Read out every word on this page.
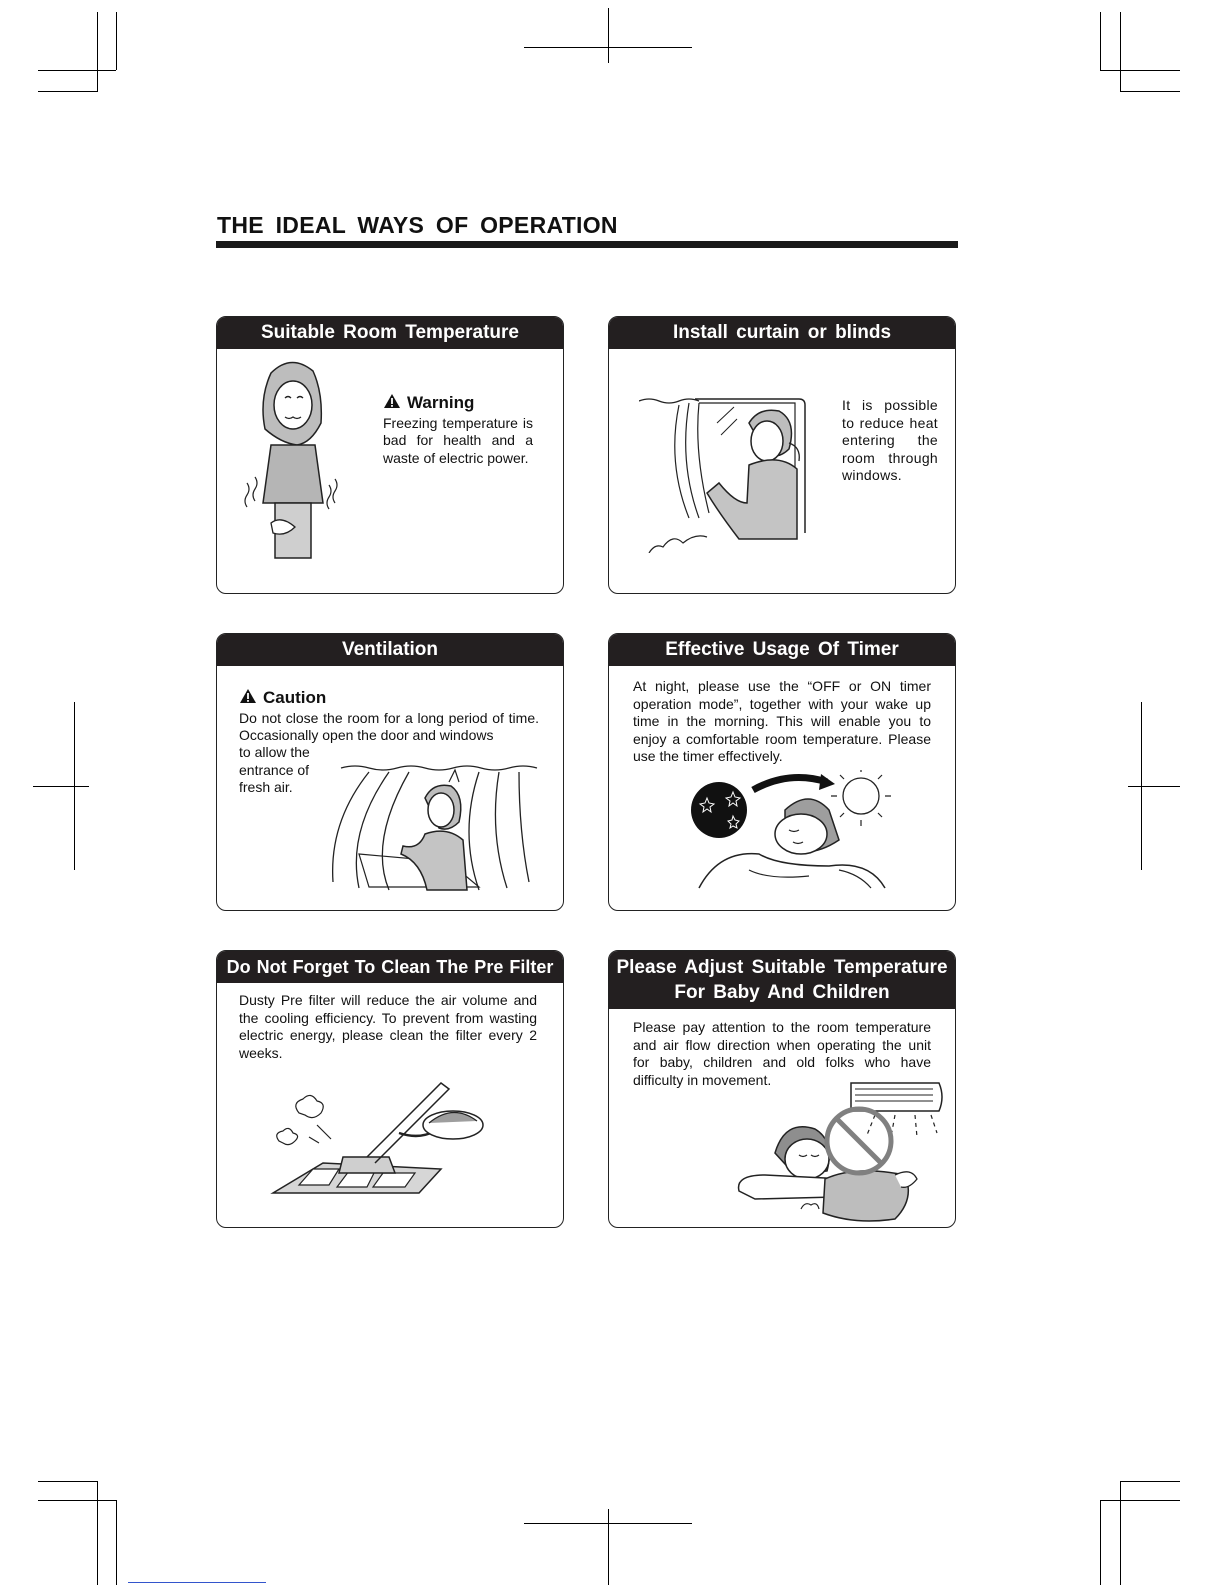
THE IDEAL WAYS OF OPERATION
Suitable Room Temperature
Warning
Freezing temperature is bad for health and a waste of electric power.
Install curtain or blinds
It is possible to reduce heat entering the room through windows.
Ventilation
Caution
Do not close the room for a long period of time. Occasionally open the door and windows
to allow the entrance of fresh air.
Effective Usage Of Timer
At night, please use the “OFF or ON timer operation mode”, together with your wake up time in the morning. This will enable you to enjoy a comfortable room temperature. Please use the timer effectively.
Do Not Forget To Clean The Pre Filter
Dusty Pre filter will reduce the air volume and the cooling efficiency. To prevent from wasting electric energy, please clean the filter every 2 weeks.
Please Adjust Suitable Temperature
For Baby And Children
Please pay attention to the room temperature and air flow direction when operating the unit for baby, children and old folks who have difficulty in movement.
